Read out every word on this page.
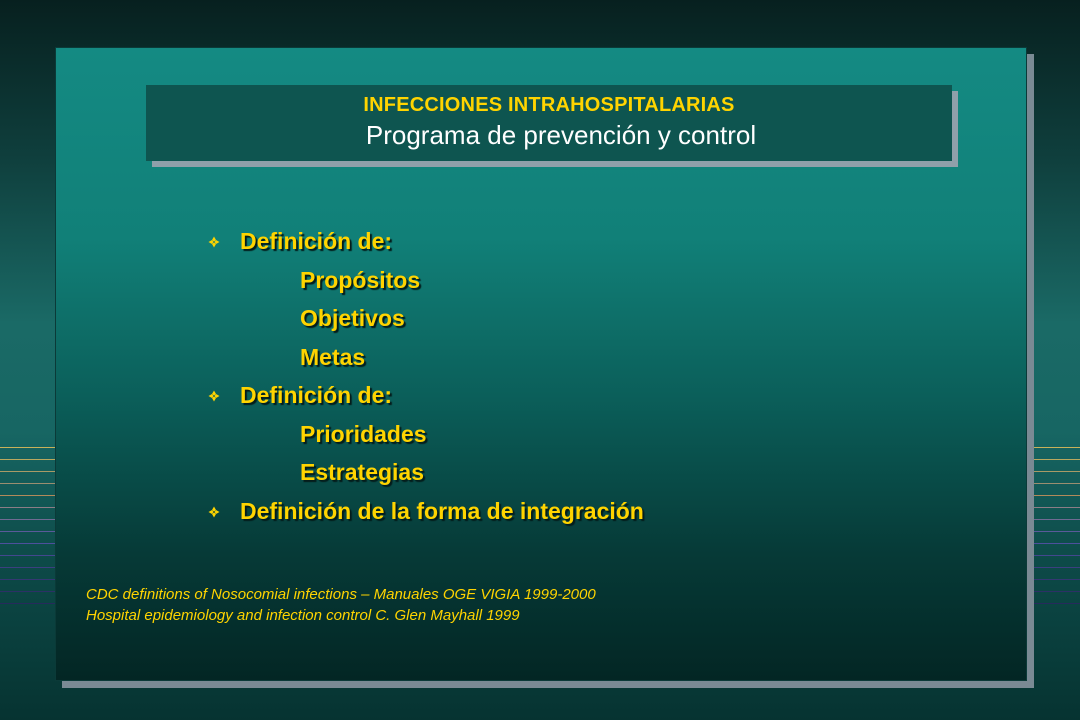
INFECCIONES INTRAHOSPITALARIAS
Programa de prevención y control
Definición de:
Propósitos
Objetivos
Metas
Definición de:
Prioridades
Estrategias
Definición de la forma de integración
CDC definitions of Nosocomial infections – Manuales OGE VIGIA 1999-2000
Hospital epidemiology and infection control C. Glen Mayhall 1999
